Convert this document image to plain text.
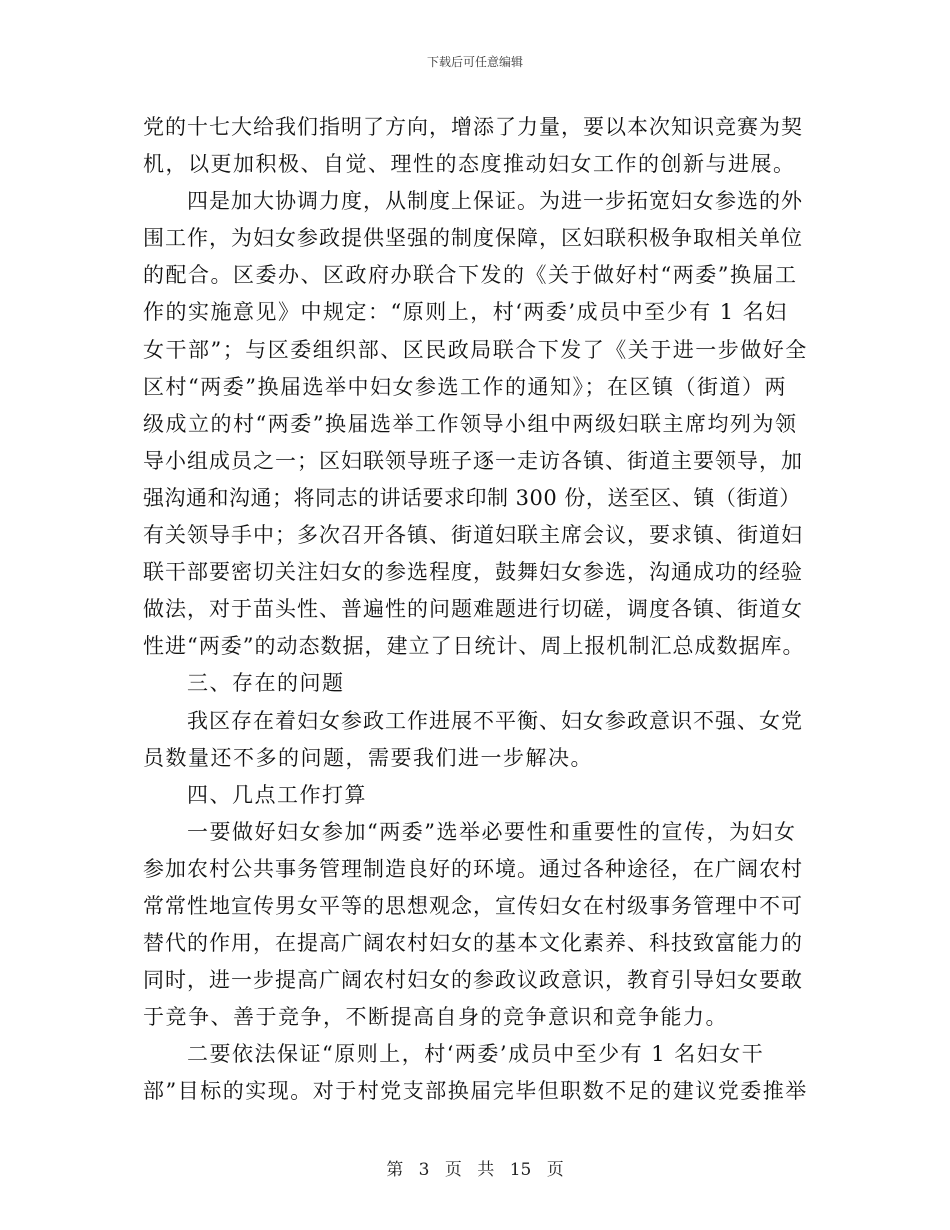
下载后可任意编辑
党的十七大给我们指明了方向，增添了力量，要以本次知识竞赛为契
机，以更加积极、自觉、理性的态度推动妇女工作的创新与进展。
四是加大协调力度，从制度上保证。为进一步拓宽妇女参选的外
围工作，为妇女参政提供坚强的制度保障，区妇联积极争取相关单位
的配合。区委办、区政府办联合下发的《关于做好村“两委”换届工
作的实施意见》中规定：“原则上，村‘两委’成员中至少有 1 名妇
女干部”；与区委组织部、区民政局联合下发了《关于进一步做好全
区村“两委”换届选举中妇女参选工作的通知》；在区镇（街道）两
级成立的村“两委”换届选举工作领导小组中两级妇联主席均列为领
导小组成员之一；区妇联领导班子逐一走访各镇、街道主要领导，加
强沟通和沟通；将同志的讲话要求印制 300 份，送至区、镇（街道）
有关领导手中；多次召开各镇、街道妇联主席会议，要求镇、街道妇
联干部要密切关注妇女的参选程度，鼓舞妇女参选，沟通成功的经验
做法，对于苗头性、普遍性的问题难题进行切磋，调度各镇、街道女
性进“两委”的动态数据，建立了日统计、周上报机制汇总成数据库。
三、存在的问题
我区存在着妇女参政工作进展不平衡、妇女参政意识不强、女党
员数量还不多的问题，需要我们进一步解决。
四、几点工作打算
一要做好妇女参加“两委”选举必要性和重要性的宣传，为妇女
参加农村公共事务管理制造良好的环境。通过各种途径，在广阔农村
常常性地宣传男女平等的思想观念，宣传妇女在村级事务管理中不可
替代的作用，在提高广阔农村妇女的基本文化素养、科技致富能力的
同时，进一步提高广阔农村妇女的参政议政意识，教育引导妇女要敢
于竞争、善于竞争，不断提高自身的竞争意识和竞争能力。
二要依法保证“原则上，村‘两委’成员中至少有 1 名妇女干
部”目标的实现。对于村党支部换届完毕但职数不足的建议党委推举
第 3 页 共 15 页
